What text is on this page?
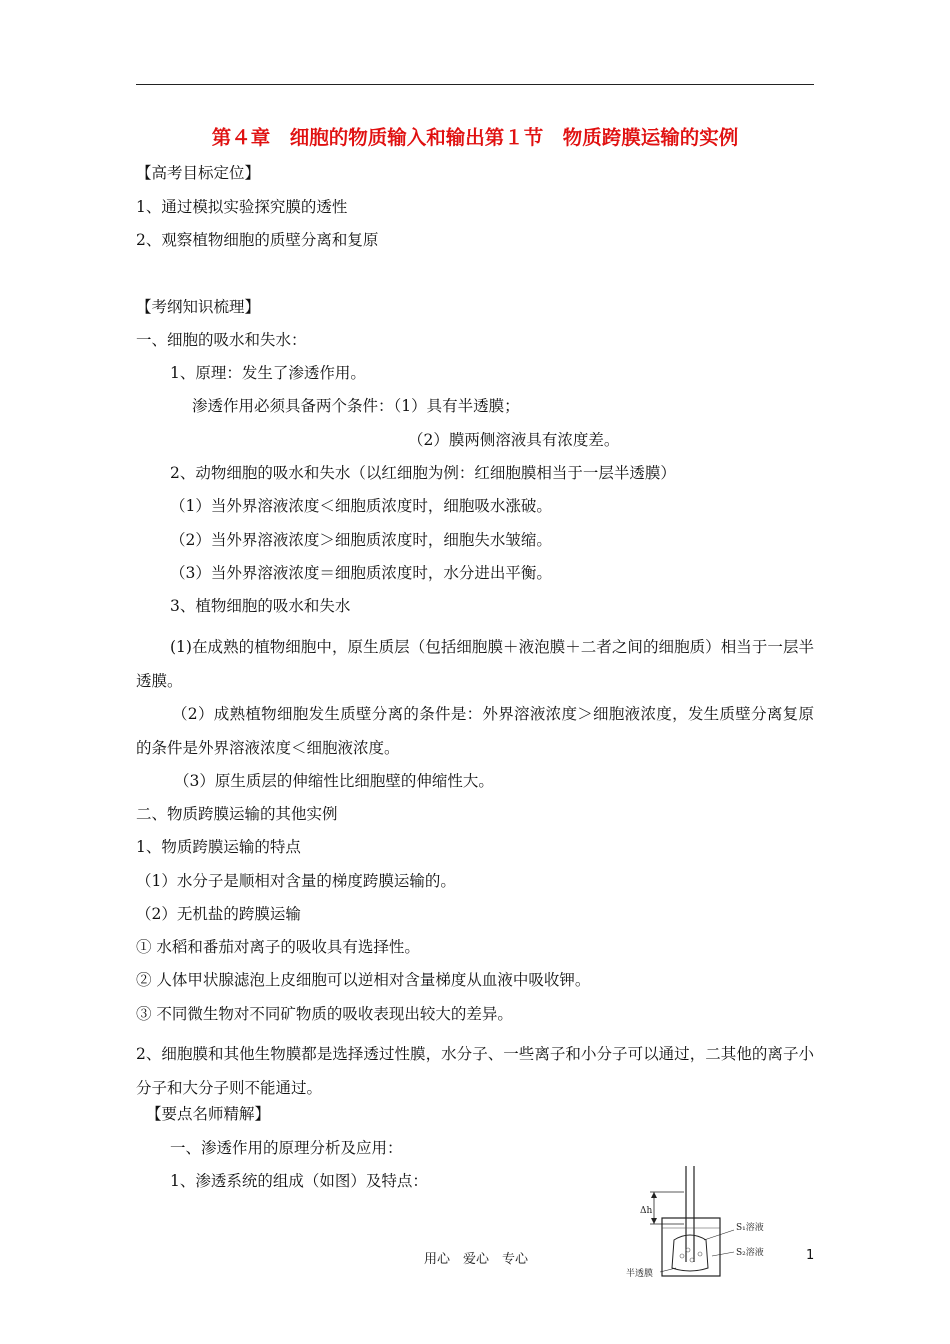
第４章　细胞的物质输入和输出第１节　物质跨膜运输的实例
【高考目标定位】
1、通过模拟实验探究膜的透性
2、观察植物细胞的质壁分离和复原
【考纲知识梳理】
一、细胞的吸水和失水：
1、原理：发生了渗透作用。
渗透作用必须具备两个条件：（1）具有半透膜；
（2）膜两侧溶液具有浓度差。
2、动物细胞的吸水和失水（以红细胞为例：红细胞膜相当于一层半透膜）
（1）当外界溶液浓度＜细胞质浓度时，细胞吸水涨破。
（2）当外界溶液浓度＞细胞质浓度时，细胞失水皱缩。
（3）当外界溶液浓度＝细胞质浓度时，水分进出平衡。
3、植物细胞的吸水和失水
(1)在成熟的植物细胞中，原生质层（包括细胞膜＋液泡膜＋二者之间的细胞质）相当于一层半透膜。
（2）成熟植物细胞发生质壁分离的条件是：外界溶液浓度＞细胞液浓度，发生质壁分离复原的条件是外界溶液浓度＜细胞液浓度。
（3）原生质层的伸缩性比细胞壁的伸缩性大。
二、物质跨膜运输的其他实例
1、物质跨膜运输的特点
（1）水分子是顺相对含量的梯度跨膜运输的。
（2）无机盐的跨膜运输
① 水稻和番茄对离子的吸收具有选择性。
② 人体甲状腺滤泡上皮细胞可以逆相对含量梯度从血液中吸收钾。
③ 不同微生物对不同矿物质的吸收表现出较大的差异。
2、细胞膜和其他生物膜都是选择透过性膜，水分子、一些离子和小分子可以通过，二其他的离子小分子和大分子则不能通过。
【要点名师精解】
一、渗透作用的原理分析及应用：
1、渗透系统的组成（如图）及特点：
Δh
S₁溶液
S₂溶液
半透膜
用心　爱心　专心	1
